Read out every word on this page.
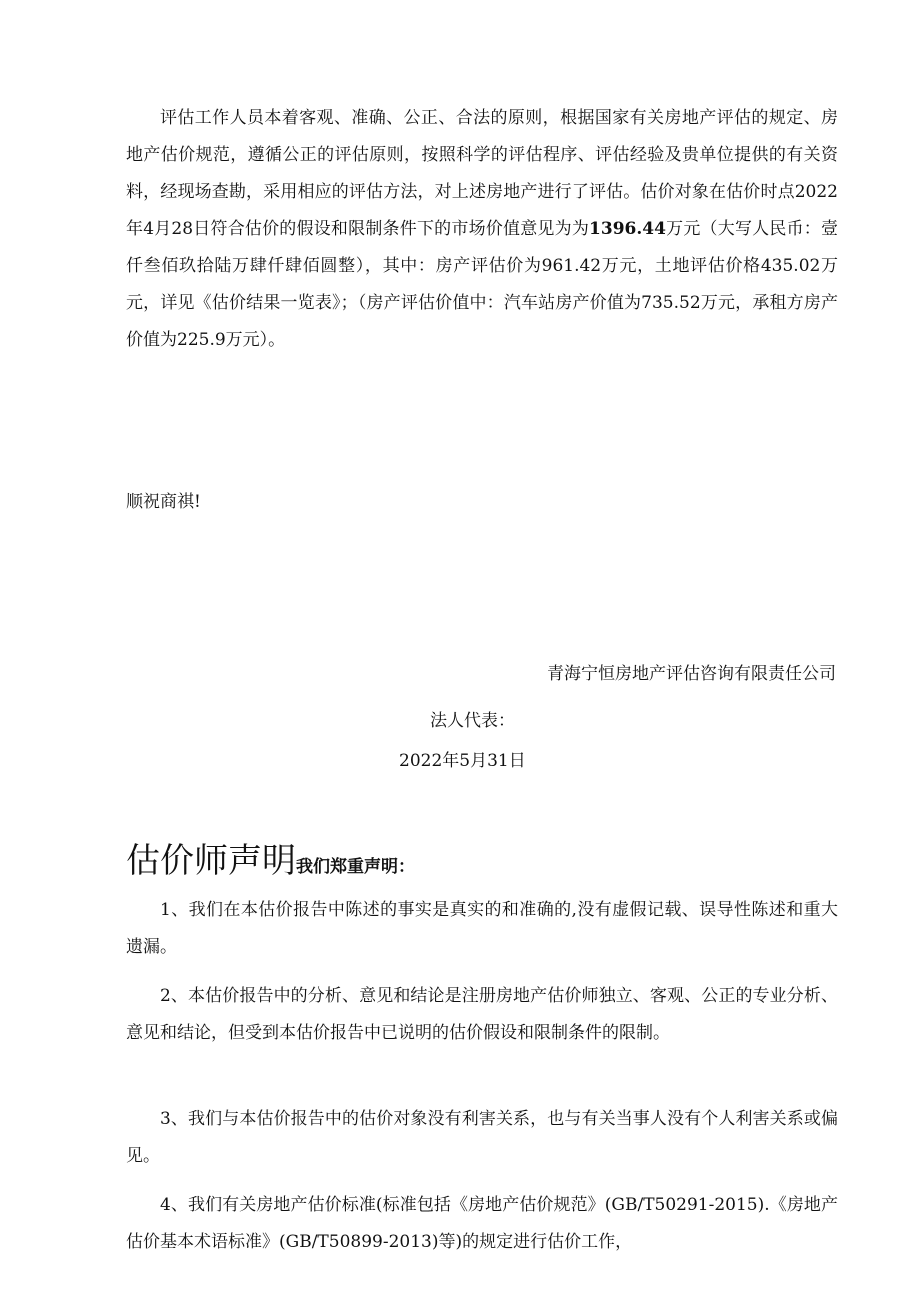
评估工作人员本着客观、准确、公正、合法的原则，根据国家有关房地产评估的规定、房地产估价规范，遵循公正的评估原则，按照科学的评估程序、评估经验及贵单位提供的有关资料，经现场查勘，采用相应的评估方法，对上述房地产进行了评估。估价对象在估价时点2022年4月28日符合估价的假设和限制条件下的市场价值意见为为1396.44万元（大写人民币：壹仟叁佰玖拾陆万肆仟肆佰圆整），其中：房产评估价为961.42万元，土地评估价格435.02万元，详见《估价结果一览表》；（房产评估价值中：汽车站房产价值为735.52万元，承租方房产价值为225.9万元）。

顺祝商祺!

青海宁恒房地产评估咨询有限责任公司

法人代表：

2022年5月31日

估价师声明我们郑重声明：

1、我们在本估价报告中陈述的事实是真实的和准确的,没有虚假记载、误导性陈述和重大遗漏。

2、本估价报告中的分析、意见和结论是注册房地产估价师独立、客观、公正的专业分析、意见和结论，但受到本估价报告中已说明的估价假设和限制条件的限制。

3、我们与本估价报告中的估价对象没有利害关系，也与有关当事人没有个人利害关系或偏见。

4、我们有关房地产估价标准(标准包括《房地产估价规范》(GB/T50291-2015).《房地产估价基本术语标准》(GB/T50899-2013)等)的规定进行估价工作，
